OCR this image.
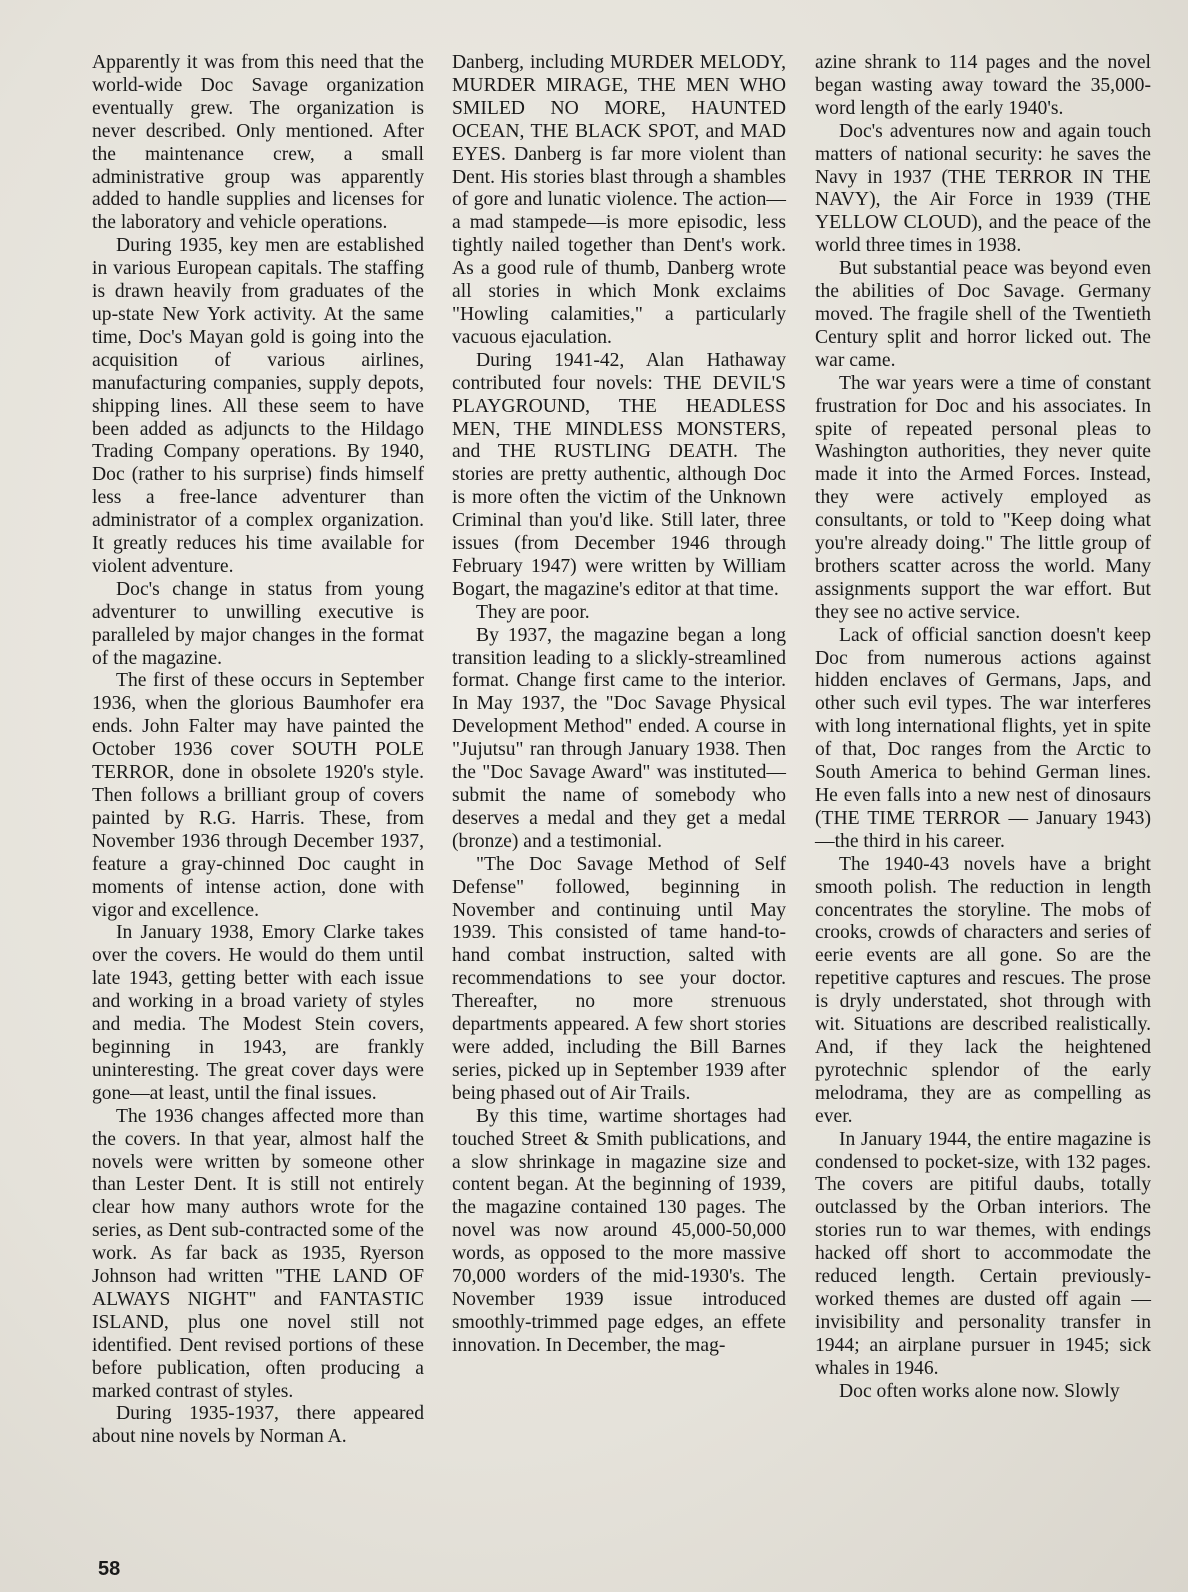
Apparently it was from this need that the world-wide Doc Savage organization eventually grew. The organization is never described. Only mentioned. After the maintenance crew, a small administrative group was apparently added to handle supplies and licenses for the laboratory and vehicle operations.

During 1935, key men are established in various European capitals. The staffing is drawn heavily from graduates of the up-state New York activity. At the same time, Doc's Mayan gold is going into the acquisition of various airlines, manufacturing companies, supply depots, shipping lines. All these seem to have been added as adjuncts to the Hildago Trading Company operations. By 1940, Doc (rather to his surprise) finds himself less a free-lance adventurer than administrator of a complex organization. It greatly reduces his time available for violent adventure.

Doc's change in status from young adventurer to unwilling executive is paralleled by major changes in the format of the magazine.

The first of these occurs in September 1936, when the glorious Baumhofer era ends. John Falter may have painted the October 1936 cover SOUTH POLE TERROR, done in obsolete 1920's style. Then follows a brilliant group of covers painted by R.G. Harris. These, from November 1936 through December 1937, feature a gray-chinned Doc caught in moments of intense action, done with vigor and excellence.

In January 1938, Emory Clarke takes over the covers. He would do them until late 1943, getting better with each issue and working in a broad variety of styles and media. The Modest Stein covers, beginning in 1943, are frankly uninteresting. The great cover days were gone—at least, until the final issues.

The 1936 changes affected more than the covers. In that year, almost half the novels were written by someone other than Lester Dent. It is still not entirely clear how many authors wrote for the series, as Dent sub-contracted some of the work. As far back as 1935, Ryerson Johnson had written "THE LAND OF ALWAYS NIGHT" and FANTASTIC ISLAND, plus one novel still not identified. Dent revised portions of these before publication, often producing a marked contrast of styles.

During 1935-1937, there appeared about nine novels by Norman A.

Danberg, including MURDER MELODY, MURDER MIRAGE, THE MEN WHO SMILED NO MORE, HAUNTED OCEAN, THE BLACK SPOT, and MAD EYES. Danberg is far more violent than Dent. His stories blast through a shambles of gore and lunatic violence. The action—a mad stampede—is more episodic, less tightly nailed together than Dent's work. As a good rule of thumb, Danberg wrote all stories in which Monk exclaims "Howling calamities," a particularly vacuous ejaculation.

During 1941-42, Alan Hathaway contributed four novels: THE DEVIL'S PLAYGROUND, THE HEADLESS MEN, THE MINDLESS MONSTERS, and THE RUSTLING DEATH. The stories are pretty authentic, although Doc is more often the victim of the Unknown Criminal than you'd like. Still later, three issues (from December 1946 through February 1947) were written by William Bogart, the magazine's editor at that time.

They are poor.

By 1937, the magazine began a long transition leading to a slickly-streamlined format. Change first came to the interior. In May 1937, the "Doc Savage Physical Development Method" ended. A course in "Jujutsu" ran through January 1938. Then the "Doc Savage Award" was instituted—submit the name of somebody who deserves a medal and they get a medal (bronze) and a testimonial.

"The Doc Savage Method of Self Defense" followed, beginning in November and continuing until May 1939. This consisted of tame hand-to-hand combat instruction, salted with recommendations to see your doctor. Thereafter, no more strenuous departments appeared. A few short stories were added, including the Bill Barnes series, picked up in September 1939 after being phased out of Air Trails.

By this time, wartime shortages had touched Street & Smith publications, and a slow shrinkage in magazine size and content began. At the beginning of 1939, the magazine contained 130 pages. The novel was now around 45,000-50,000 words, as opposed to the more massive 70,000 worders of the mid-1930's. The November 1939 issue introduced smoothly-trimmed page edges, an effete innovation. In December, the mag-

azine shrank to 114 pages and the novel began wasting away toward the 35,000-word length of the early 1940's.

Doc's adventures now and again touch matters of national security: he saves the Navy in 1937 (THE TERROR IN THE NAVY), the Air Force in 1939 (THE YELLOW CLOUD), and the peace of the world three times in 1938.

But substantial peace was beyond even the abilities of Doc Savage. Germany moved. The fragile shell of the Twentieth Century split and horror licked out. The war came.

The war years were a time of constant frustration for Doc and his associates. In spite of repeated personal pleas to Washington authorities, they never quite made it into the Armed Forces. Instead, they were actively employed as consultants, or told to "Keep doing what you're already doing." The little group of brothers scatter across the world. Many assignments support the war effort. But they see no active service.

Lack of official sanction doesn't keep Doc from numerous actions against hidden enclaves of Germans, Japs, and other such evil types. The war interferes with long international flights, yet in spite of that, Doc ranges from the Arctic to South America to behind German lines. He even falls into a new nest of dinosaurs (THE TIME TERROR — January 1943)—the third in his career.

The 1940-43 novels have a bright smooth polish. The reduction in length concentrates the storyline. The mobs of crooks, crowds of characters and series of eerie events are all gone. So are the repetitive captures and rescues. The prose is dryly understated, shot through with wit. Situations are described realistically. And, if they lack the heightened pyrotechnic splendor of the early melodrama, they are as compelling as ever.

In January 1944, the entire magazine is condensed to pocket-size, with 132 pages. The covers are pitiful daubs, totally outclassed by the Orban interiors. The stories run to war themes, with endings hacked off short to accommodate the reduced length. Certain previously-worked themes are dusted off again — invisibility and personality transfer in 1944; an airplane pursuer in 1945; sick whales in 1946.

Doc often works alone now. Slowly

58
